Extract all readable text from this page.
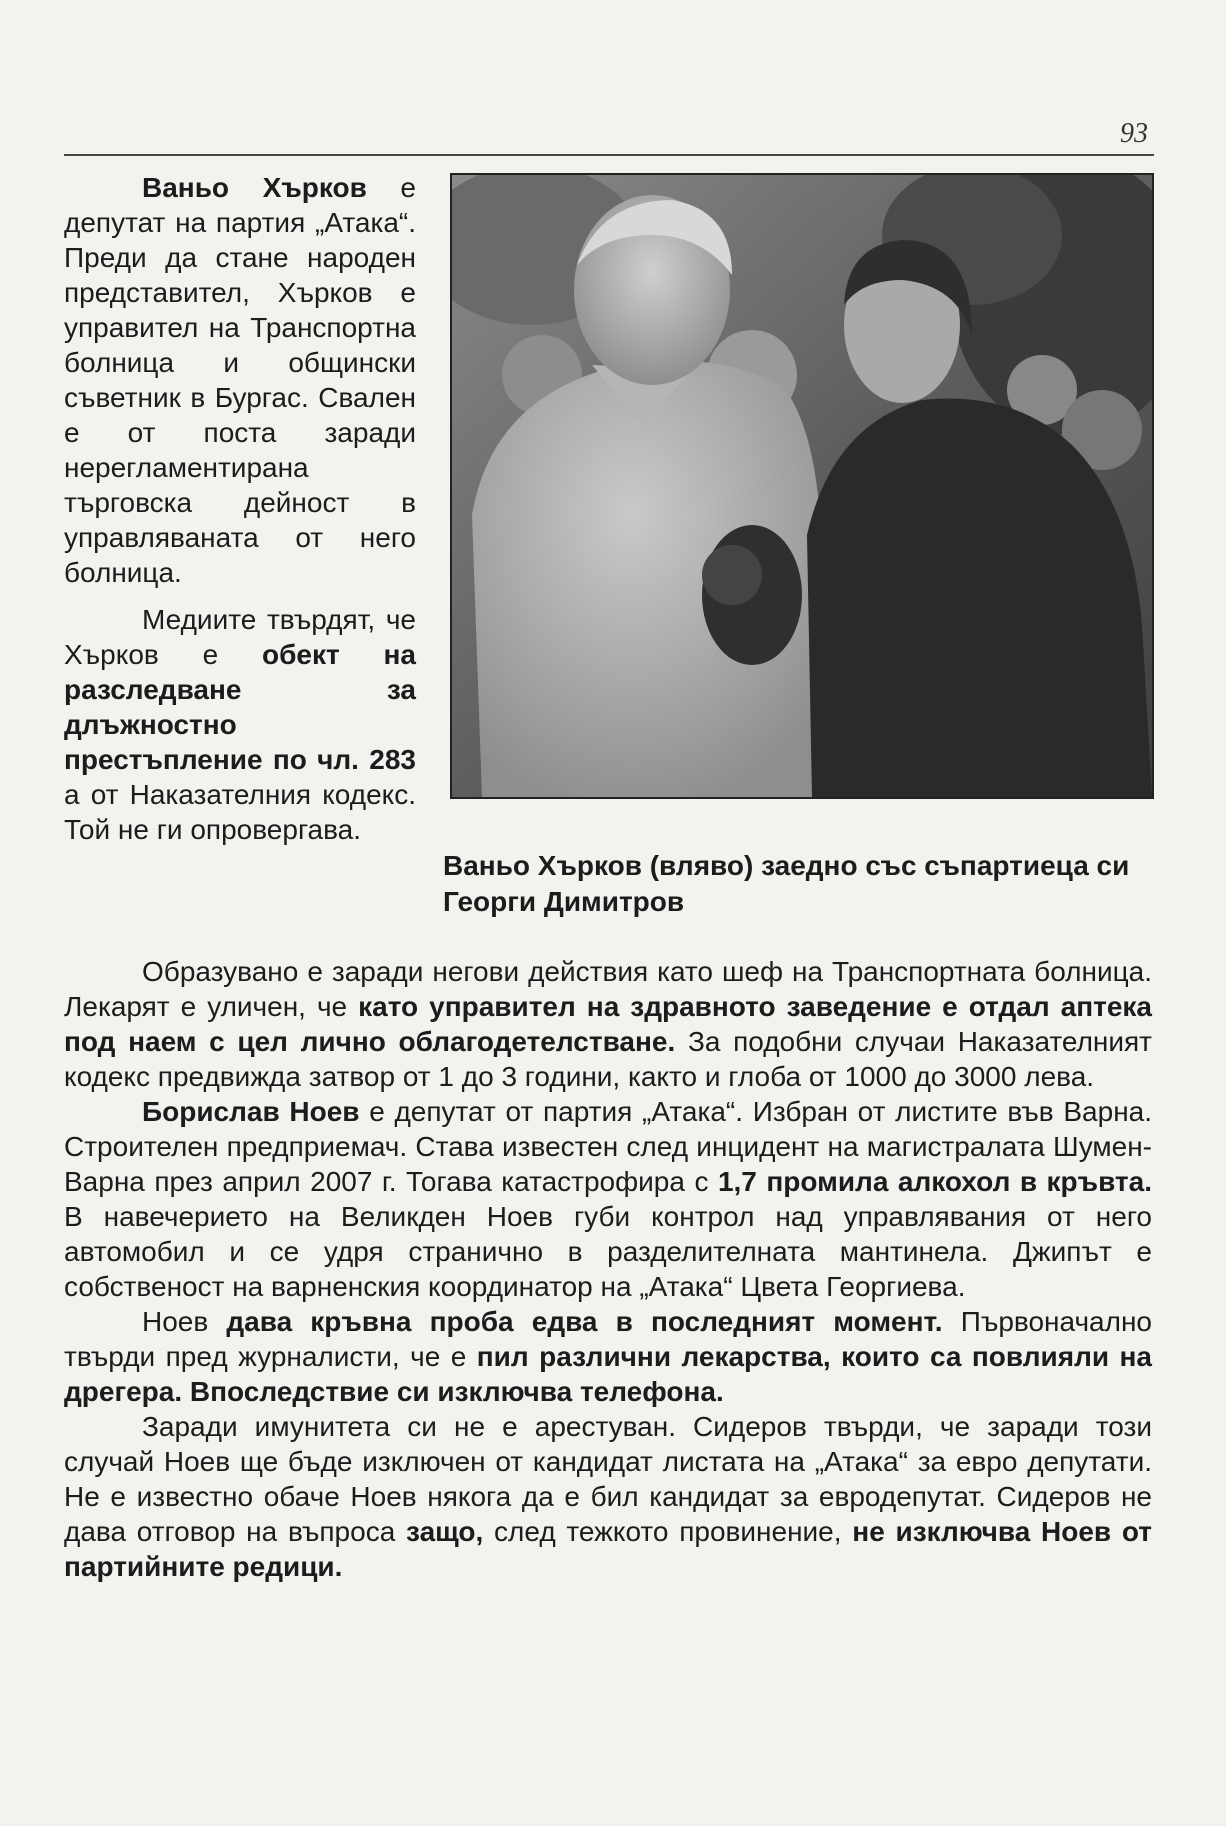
93

Ваньо Хърков е депутат на партия „Атака“. Преди да стане народен представител, Хърков е управител на Транспортна болница и общински съветник в Бургас. Свален е от поста заради нерегламентирана търговска дейност в управляваната от него болница.

Медиите твърдят, че Хърков е обект на разследване за длъжностно престъпление по чл. 283 а от Наказателния кодекс. Той не ги опровергава.

Ваньо Хърков (вляво) заедно със съпартиеца си Георги Димитров

Образувано е заради негови действия като шеф на Транспортната болница. Лекарят е уличен, че като управител на здравното заведение е отдал аптека под наем с цел лично облагодетелстване. За подобни случаи Наказателният кодекс предвижда затвор от 1 до 3 години, както и глоба от 1000 до 3000 лева.

Борислав Ноев е депутат от партия „Атака“. Избран от листите във Варна. Строителен предприемач. Става известен след инцидент на магистралата Шумен-Варна през април 2007 г. Тогава катастрофира с 1,7 промила алкохол в кръвта. В навечерието на Великден Ноев губи контрол над управлявания от него автомобил и се удря странично в разделителната мантинела. Джипът е собственост на варненския координатор на „Атака“ Цвета Георгиева.

Ноев дава кръвна проба едва в последният момент. Първоначално твърди пред журналисти, че е пил различни лекарства, които са повлияли на дрегера. Впоследствие си изключва телефона.

Заради имунитета си не е арестуван. Сидеров твърди, че заради този случай Ноев ще бъде изключен от кандидат листата на „Атака“ за евро депутати. Не е известно обаче Ноев някога да е бил кандидат за евродепутат. Сидеров не дава отговор на въпроса защо, след тежкото провинение, не изключва Ноев от партийните редици.
